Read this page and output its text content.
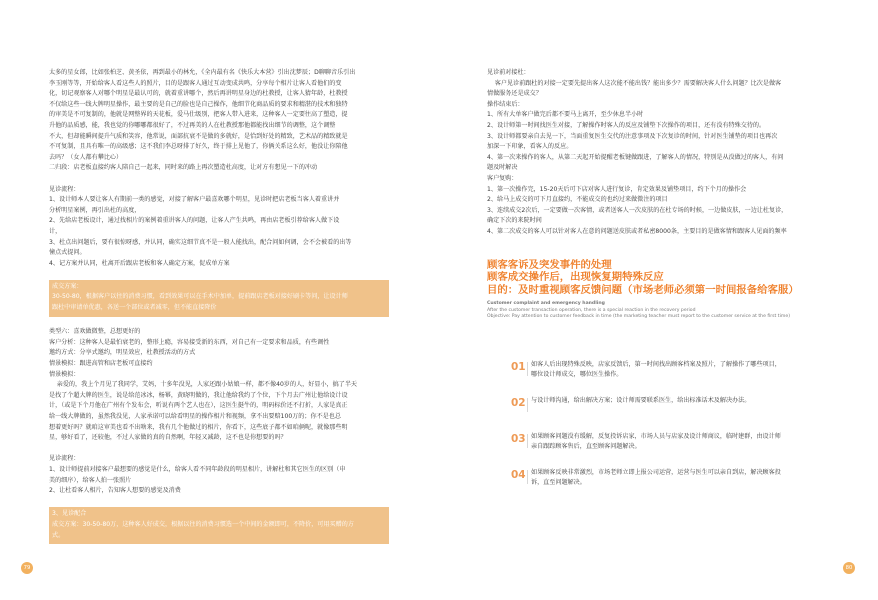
太多的星女郎，比如张柏芝、黄圣依，再到最小的林允，《全内最有名《快乐大本营》引出沈梦辰；D聊聊音乐引出
李玉刚等等，开始给客人看这些人的照片，目的是跟客人通过互动变成共鸣，分享每个相片让客人看他们的变
化，切记观察客人对哪个明星是最认可的，就着重讲哪个，然后再讲明星身边的杜教授，让客人猜年龄，杜教授
不仅给这些一线大牌明星操作，最主要的是自己的脸也是自己操作，他细节化商品质的要求和精湛的技术和独特
的审美是不可复制的，他就是网整界的天花板，爱马仕级别，把客人带入进来，这种客人一定要往高了塑造，提
升他的品质感，能，我也觉的你哪哪都很好了，不过再美的人在杜教授那他都能找出细节的调整，这个调整
不大，但却能瞬间提升气质和笑容，他常说，面部抗衰不是做的多就好，是恰到好处的精致，艺术品的精致就是
不可复制，且具有唯一的高级感；这不我们李总呀排了好久，终于排上见他了，你俩关系这么好，他没让你陪他
去吗？（女人都有攀比心）
二归段：店老板直接约客人陪自己一起来，同时来的路上再次塑造杜高度，让对方有想见一下的冲动
见诊流程：
1、设计师本人要让客人有期前一类的感觉，对接了解客户最喜欢哪个明星，见诊时把店老板当客人着重讲并
分析明星案例，再引出杜的高度，
2、先给店老板设计，通过找相片的案例着重讲客人的问题，让客人产生共鸣，再由店老板引荐给客人做下设
计，
3、杜点出问题后，要有很惊呀感，并认同，确实这细节真不是一般人能找出，配合问如何调，会不会被看的出等
憧点式提问。
4、记方案并认同，杜离开后跟店老板和客人确定方案，促成单方案
成交方案：
30-50-80，根据客户以往的消费习惯，看到效果可以在手术中加单，提前跟店老板对接好刷卡等问，让设计师
跟杜中审请单优惠，各送一个部位或者减零，但不能直接降价
类型六：喜欢做微整，总想更好的
客户分析：这种客人是最怕衰老的，整形上瘾，容易接受新的东西，对自己有一定要求和品质，有些调性
邀约方式：分享式邀约，明星效应，杜教授活动的方式
情景模拟：跟进高管和店老板可直接约
情景模拟：
亲爱的，我上个月见了我同学，艾妈，十多年没见，人家还跟小姑娘一样，都不像40岁的人，好显小，搞了半天
是找了个超大牌的医生，说是给范冰冰，杨幂，黄晓明做的，我让他给我约了个位，下个月去广州让他给设计设
计，（或是下个月他在广州有个发布会，听说有两个艺人也在），这医生挺牛的，明码标价还不打折，人家是真正
给一线大牌做的，虽然我没见，人家承诺可以给看明星的操作相片和视频，拿不出要赔100万的；你不是也总
想着更好吗？就咱这审美也看不出啥来，我有几个他做过的相片，你看下，这些底子都不如咱俩呢，就像那些明
星，够好看了，还较他，不过人家做的真的自然啊，年轻又减龄，这不也是你想要的吗？
见诊流程：
1、设计师提前对接客户最想要的感觉是什么，给客人看不同年龄段的明星相片，讲解杜和其它医生的区别（申
美的细序），给客人拍一张照片
2、让杜看客人相片，告知客人想要的感觉及消费
3、见诊配合
成交方案：30-50-80万，这种客人好成交，根据以往的消费习惯选一个中间的金额即可，不降价，可用买赠的方
式。
79
见诊前对接杜：
客户见诊前跟杜的对接一定要先提出客人这次能不能出钱？能出多少？需要解决客人什么问题？比次是做客
情做服务还是成交？
操作结束后：
1、所有大单客户做完后都不要马上离开，至少休息半小时
2、设计师第一时间找医生对接，了解操作时客人的反应及铺垫下次操作的项目，还有没有特殊交待的。
3、设计师都要亲自去见一下，当面重复医生交代的注意事项及下次复诊的时间，针对医生铺垫的项目也再次
加深一下印象，看客人的反应。
4、第一次来操作的客人，从第二天起开始提醒老板键做跟进，了解客人的情况，特别是从没做过的客人，有问
题及时解决
客户复购：
1、第一次操作完，15-20天后可下店对客人进行复诊，肯定效果及铺垫项目，约下个月的操作会
2、给马上成交的可下月直接约，不能成交的也约过来做微注的项目
3、连续成交2次后，一定要做一次客情，或者送客人一次皮肤的在杜专场的时候，一边做皮肤，一边让杜复诊，
确定下次的来院时间
4、第二次成交的客人可以针对客人在意的问题送皮肤或者私密8000条，主要目的是做客情和跟客人见面的频率
顾客客诉及突发事件的处理
顾客成交操作后，出现恢复期特殊反应
目的：及时重视顾客反馈问题（市场老师必须第一时间报备给客服）
Customer complaint and emergency handling
After the customer transaction operation, there is a special reaction in the recovery period
Objective: Pay attention to customer feedback in time (the marketing teacher must report to the customer service at the first time)
01 如客人后出现特殊反映，店家反馈后，第一时间找出顾客档案及照片，了解操作了哪些项目，
哪位设计师成交，哪位医生操作。
02 与设计师沟通，给出解决方案；设计师需要联系医生，给出标准话术及解决办法。
03 如果顾客问题没有缓解，反复投诉店家，市场人员与店家及设计师商议，临时建群，由设计师
亲自跟踪顾客售后，直至顾客问题解决。
04 如果顾客反映非常激烈，市场老师立即上报公司运营，运营与医生可以亲自到店，解决顾客投
诉，直至问题解决。
80
